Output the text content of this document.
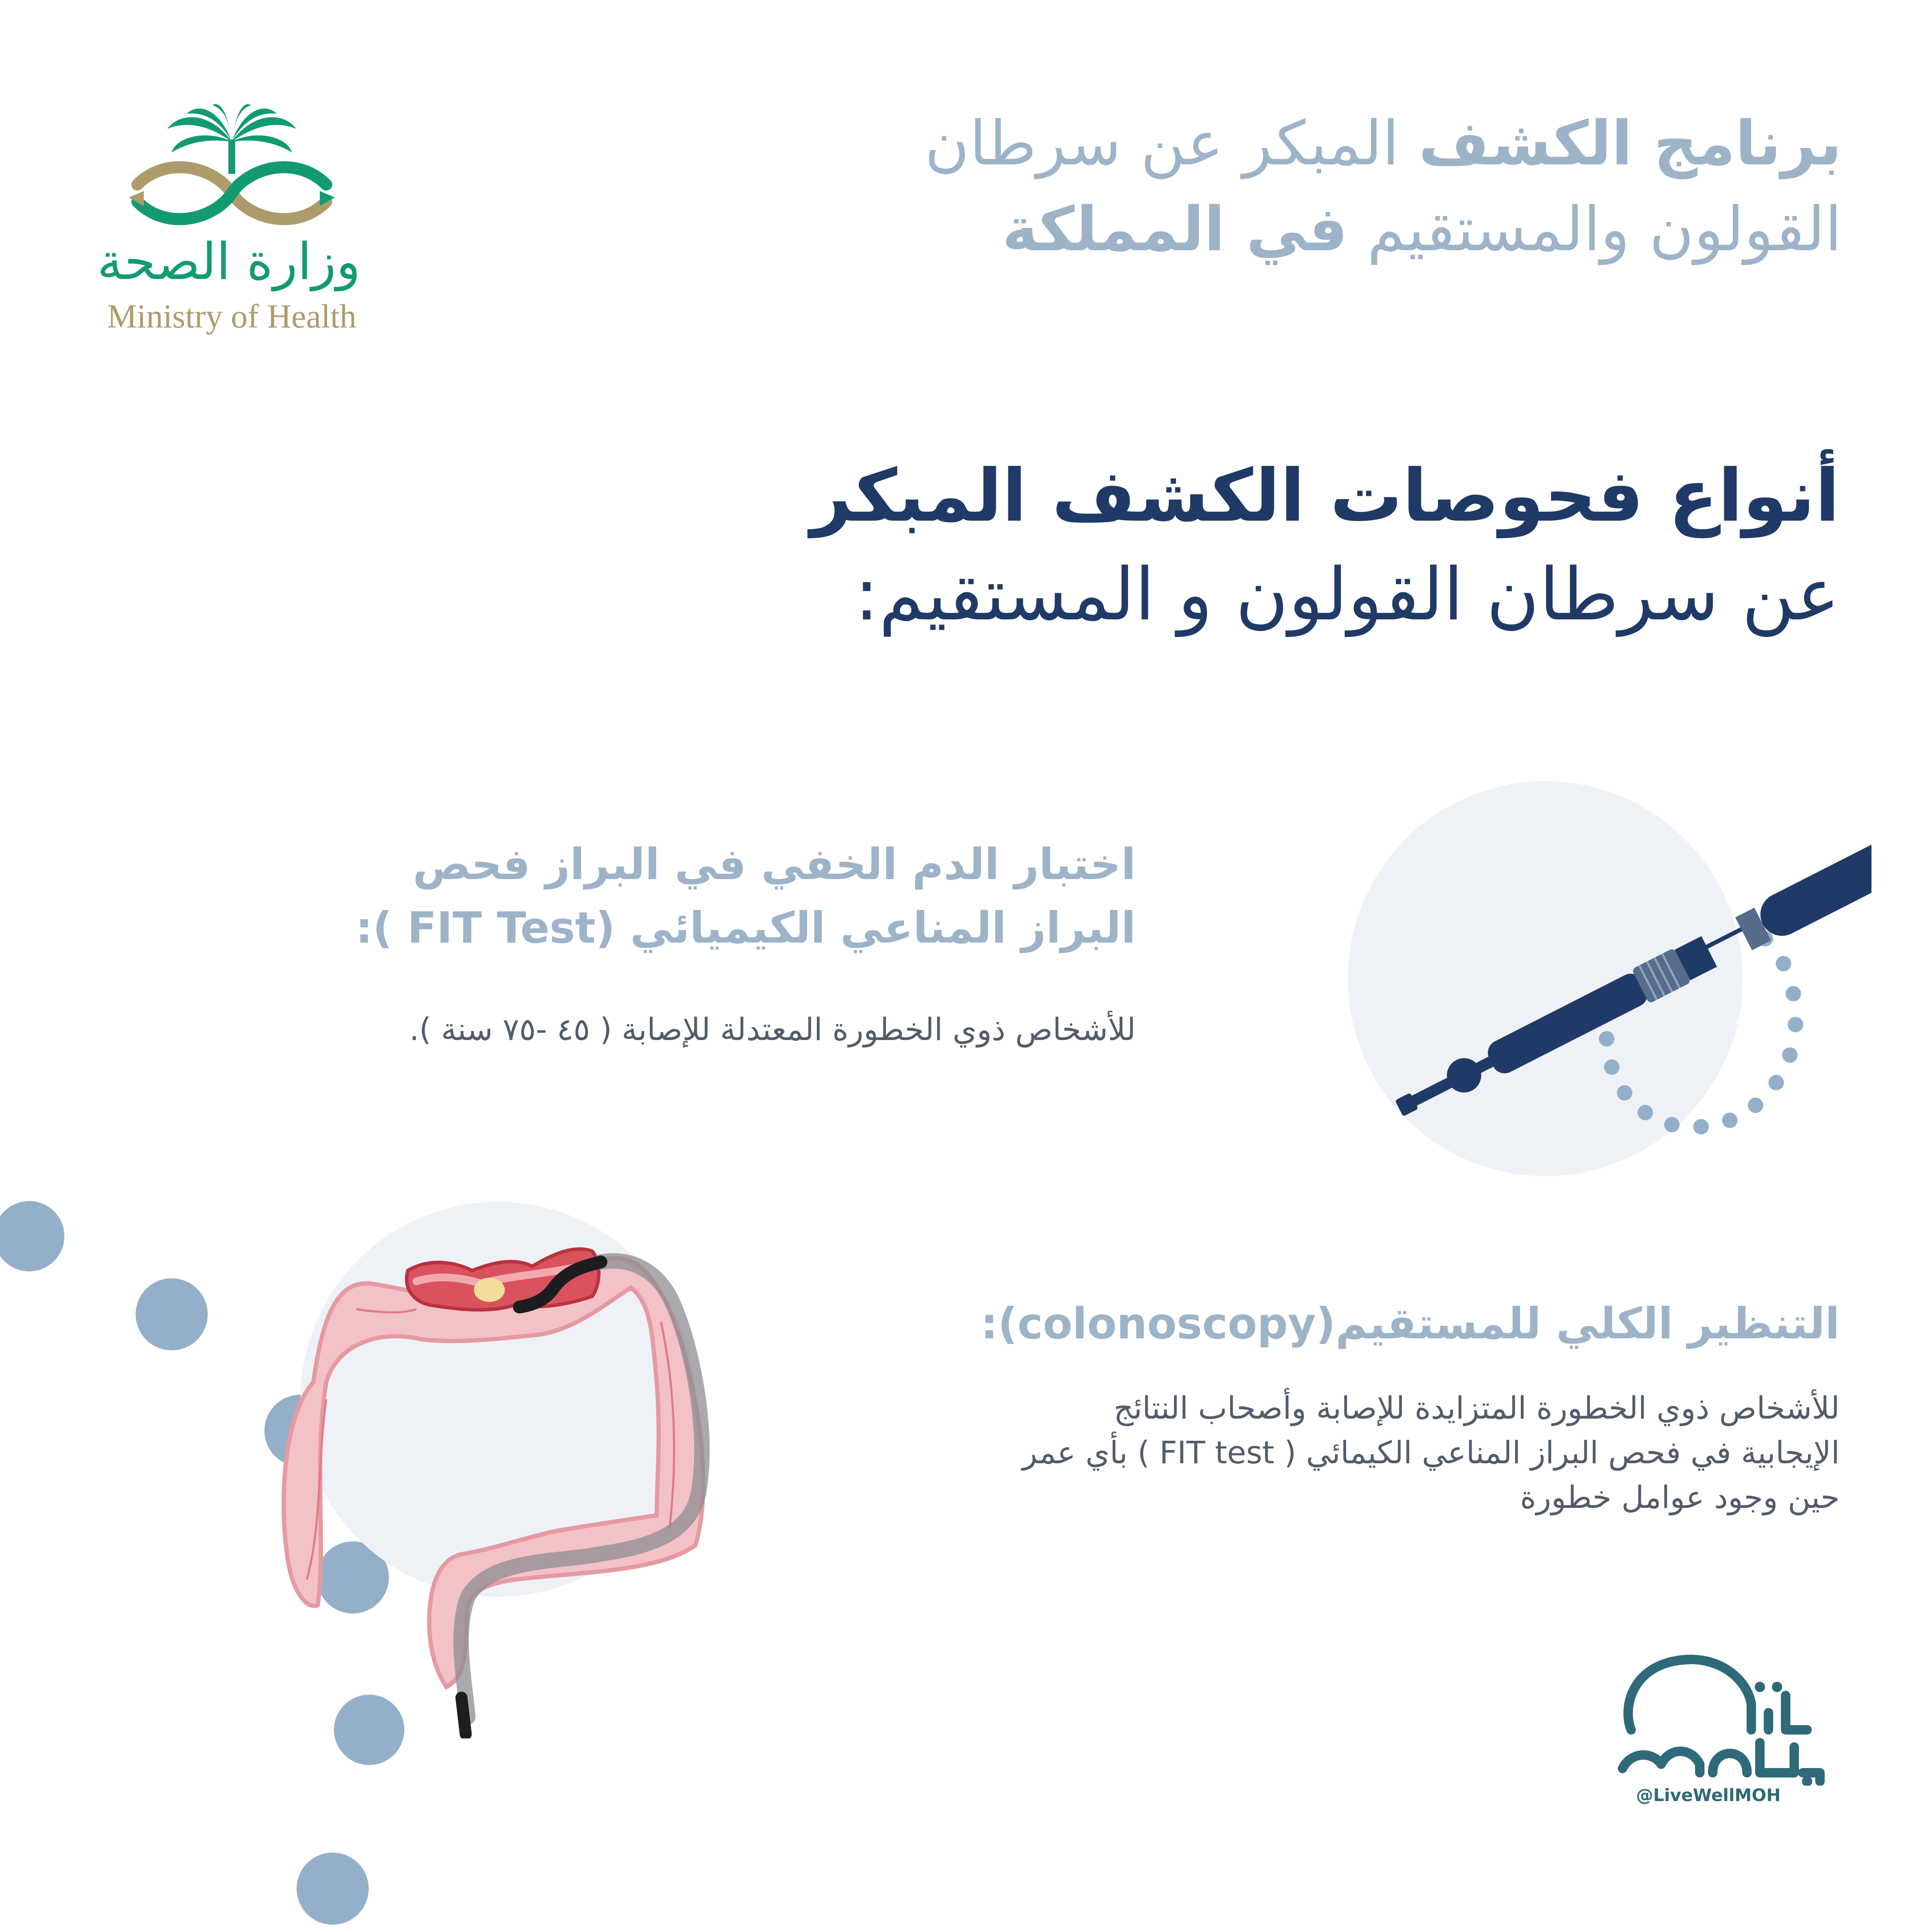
برنامج الكشف المبكر عن سرطان
القولون والمستقيم في المملكة
وزارة الصحة
Ministry of Health
أنواع فحوصات الكشف المبكر
عن سرطان القولون و المستقيم:
اختبار الدم الخفي في البراز فحص
البراز المناعي الكيميائي (FIT Test ):
للأشخاص ذوي الخطورة المعتدلة للإصابة ( ٤٥ -٧٥ سنة ).
التنظير الكلي للمستقيم(colonoscopy):
للأشخاص ذوي الخطورة المتزايدة للإصابة وأصحاب النتائج
الإيجابية في فحص البراز المناعي الكيمائي ( FIT test ) بأي عمر
حين وجود عوامل خطورة
@LiveWellMOH
